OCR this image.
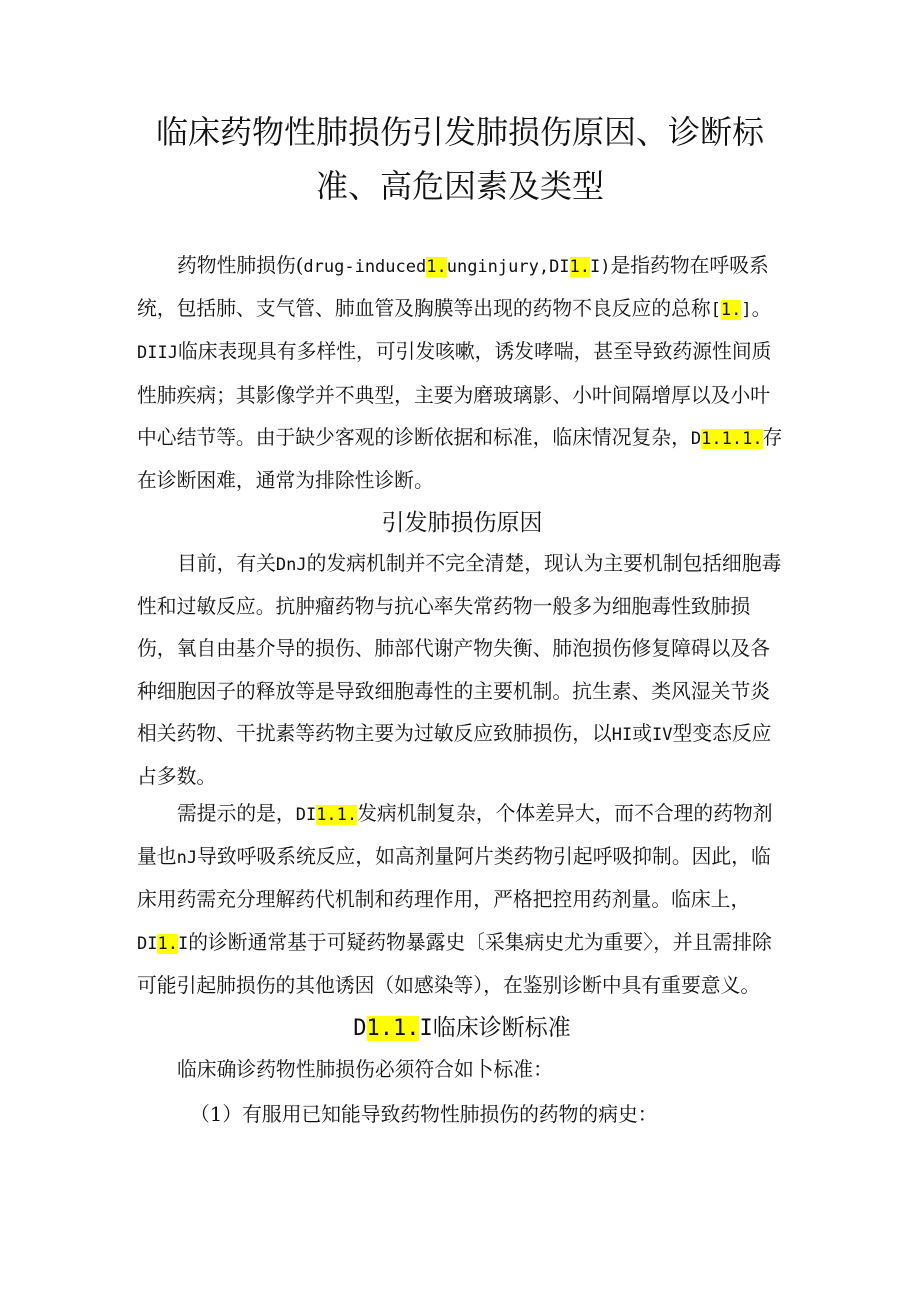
临床药物性肺损伤引发肺损伤原因、诊断标准、高危因素及类型

药物性肺损伤(drug-induced1.unginjury,DI1.I)是指药物在呼吸系统，包括肺、支气管、肺血管及胸膜等出现的药物不良反应的总称[1.]。DIIJ临床表现具有多样性，可引发咳嗽，诱发哮喘，甚至导致药源性间质性肺疾病；其影像学并不典型，主要为磨玻璃影、小叶间隔增厚以及小叶中心结节等。由于缺少客观的诊断依据和标准，临床情况复杂，D1.1.1.存在诊断困难，通常为排除性诊断。

引发肺损伤原因

目前，有关DnJ的发病机制并不完全清楚，现认为主要机制包括细胞毒性和过敏反应。抗肿瘤药物与抗心率失常药物一般多为细胞毒性致肺损伤，氧自由基介导的损伤、肺部代谢产物失衡、肺泡损伤修复障碍以及各种细胞因子的释放等是导致细胞毒性的主要机制。抗生素、类风湿关节炎相关药物、干扰素等药物主要为过敏反应致肺损伤，以HI或IV型变态反应占多数。

需提示的是，DI1.1.发病机制复杂，个体差异大，而不合理的药物剂量也nJ导致呼吸系统反应，如高剂量阿片类药物引起呼吸抑制。因此，临床用药需充分理解药代机制和药理作用，严格把控用药剂量。临床上，DI1.I的诊断通常基于可疑药物暴露史〔采集病史尤为重要〉，并且需排除可能引起肺损伤的其他诱因（如感染等），在鉴别诊断中具有重要意义。

D1.1.I临床诊断标准

临床确诊药物性肺损伤必须符合如卜标准：

（1）有服用已知能导致药物性肺损伤的药物的病史：
